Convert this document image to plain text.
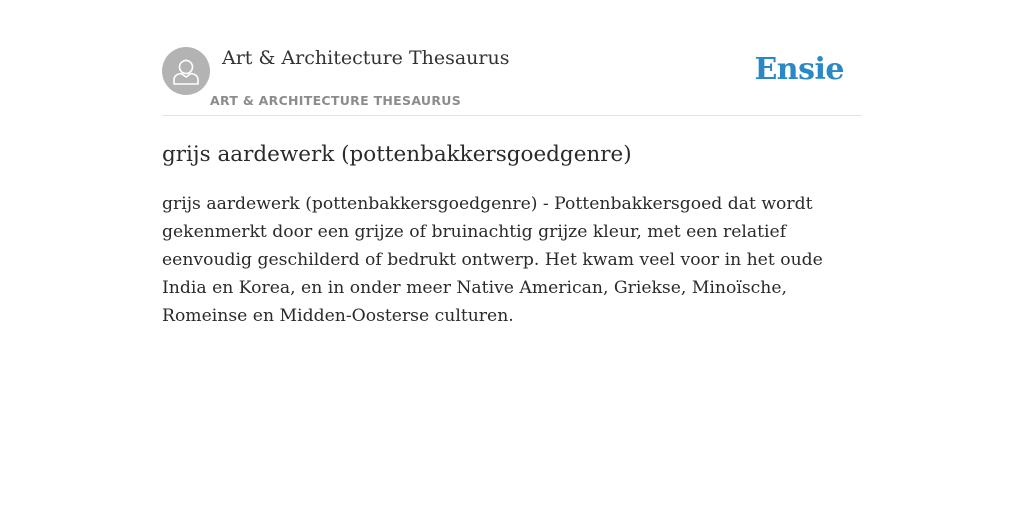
Art & Architecture Thesaurus
ART & ARCHITECTURE THESAURUS
Ensie
grijs aardewerk (pottenbakkersgoedgenre)

grijs aardewerk (pottenbakkersgoedgenre) - Pottenbakkersgoed dat wordt gekenmerkt door een grijze of bruinachtig grijze kleur, met een relatief eenvoudig geschilderd of bedrukt ontwerp. Het kwam veel voor in het oude India en Korea, en in onder meer Native American, Griekse, Minoïsche, Romeinse en Midden-Oosterse culturen.
